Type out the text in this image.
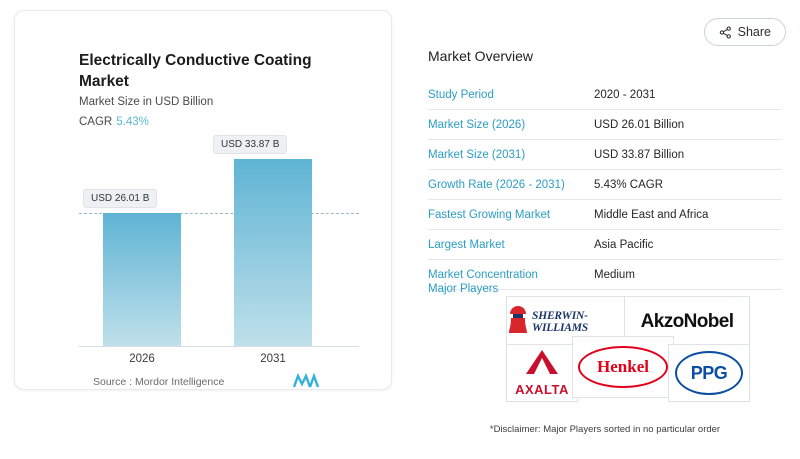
Electrically Conductive Coating Market
Market Size in USD Billion
CAGR 5.43%
USD 26.01 B
USD 33.87 B
2026	2031
Source : Mordor Intelligence
Share
Market Overview
Study Period	2020 - 2031
Market Size (2026)	USD 26.01 Billion
Market Size (2031)	USD 33.87 Billion
Growth Rate (2026 - 2031)	5.43% CAGR
Fastest Growing Market	Middle East and Africa
Largest Market	Asia Pacific
Market Concentration	Medium
Major Players
SHERWIN-WILLIAMS	AkzoNobel
AXALTA
Henkel PPG
*Disclaimer: Major Players sorted in no particular order
